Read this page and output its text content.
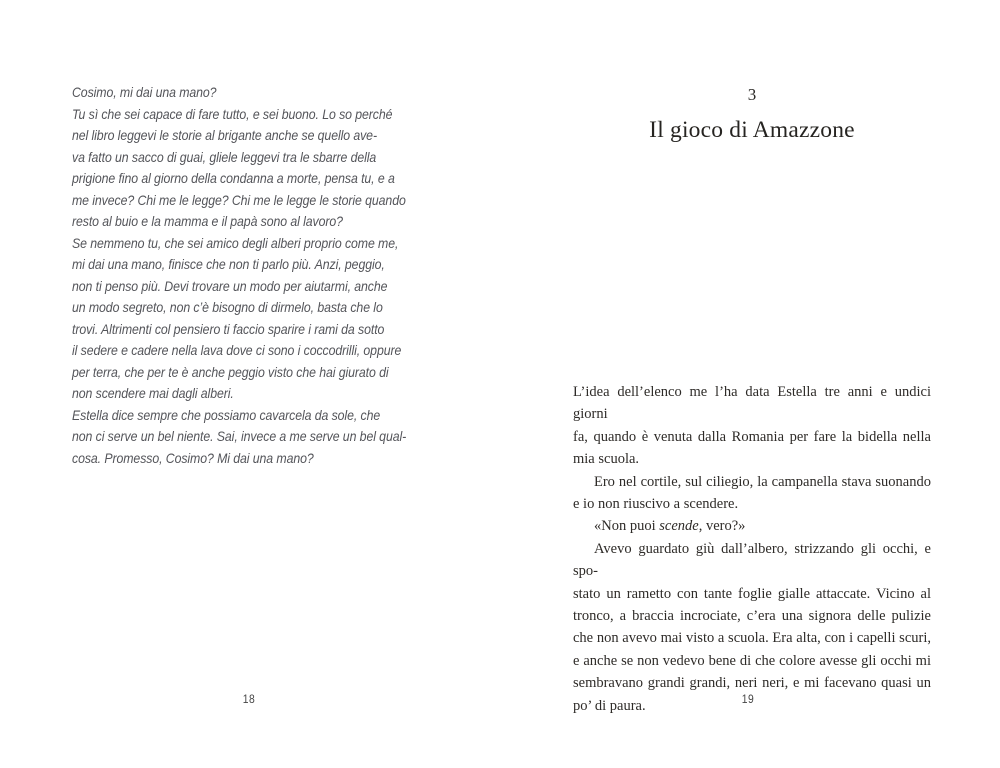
Cosimo, mi dai una mano?
Tu sì che sei capace di fare tutto, e sei buono. Lo so perché
nel libro leggevi le storie al brigante anche se quello ave-
va fatto un sacco di guai, gliele leggevi tra le sbarre della
prigione fino al giorno della condanna a morte, pensa tu, e a
me invece? Chi me le legge? Chi me le legge le storie quando
resto al buio e la mamma e il papà sono al lavoro?
Se nemmeno tu, che sei amico degli alberi proprio come me,
mi dai una mano, finisce che non ti parlo più. Anzi, peggio,
non ti penso più. Devi trovare un modo per aiutarmi, anche
un modo segreto, non c’è bisogno di dirmelo, basta che lo
trovi. Altrimenti col pensiero ti faccio sparire i rami da sotto
il sedere e cadere nella lava dove ci sono i coccodrilli, oppure
per terra, che per te è anche peggio visto che hai giurato di
non scendere mai dagli alberi.
Estella dice sempre che possiamo cavarcela da sole, che
non ci serve un bel niente. Sai, invece a me serve un bel qual-
cosa. Promesso, Cosimo? Mi dai una mano?
18
3
Il gioco di Amazzone
L’idea dell’elenco me l’ha data Estella tre anni e undici giorni
fa, quando è venuta dalla Romania per fare la bidella nella
mia scuola.
Ero nel cortile, sul ciliegio, la campanella stava suonando
e io non riuscivo a scendere.
«Non puoi scende, vero?»
Avevo guardato giù dall’albero, strizzando gli occhi, e spo-
stato un rametto con tante foglie gialle attaccate. Vicino al
tronco, a braccia incrociate, c’era una signora delle pulizie
che non avevo mai visto a scuola. Era alta, con i capelli scuri,
e anche se non vedevo bene di che colore avesse gli occhi mi
sembravano grandi grandi, neri neri, e mi facevano quasi un
po’ di paura.	19
